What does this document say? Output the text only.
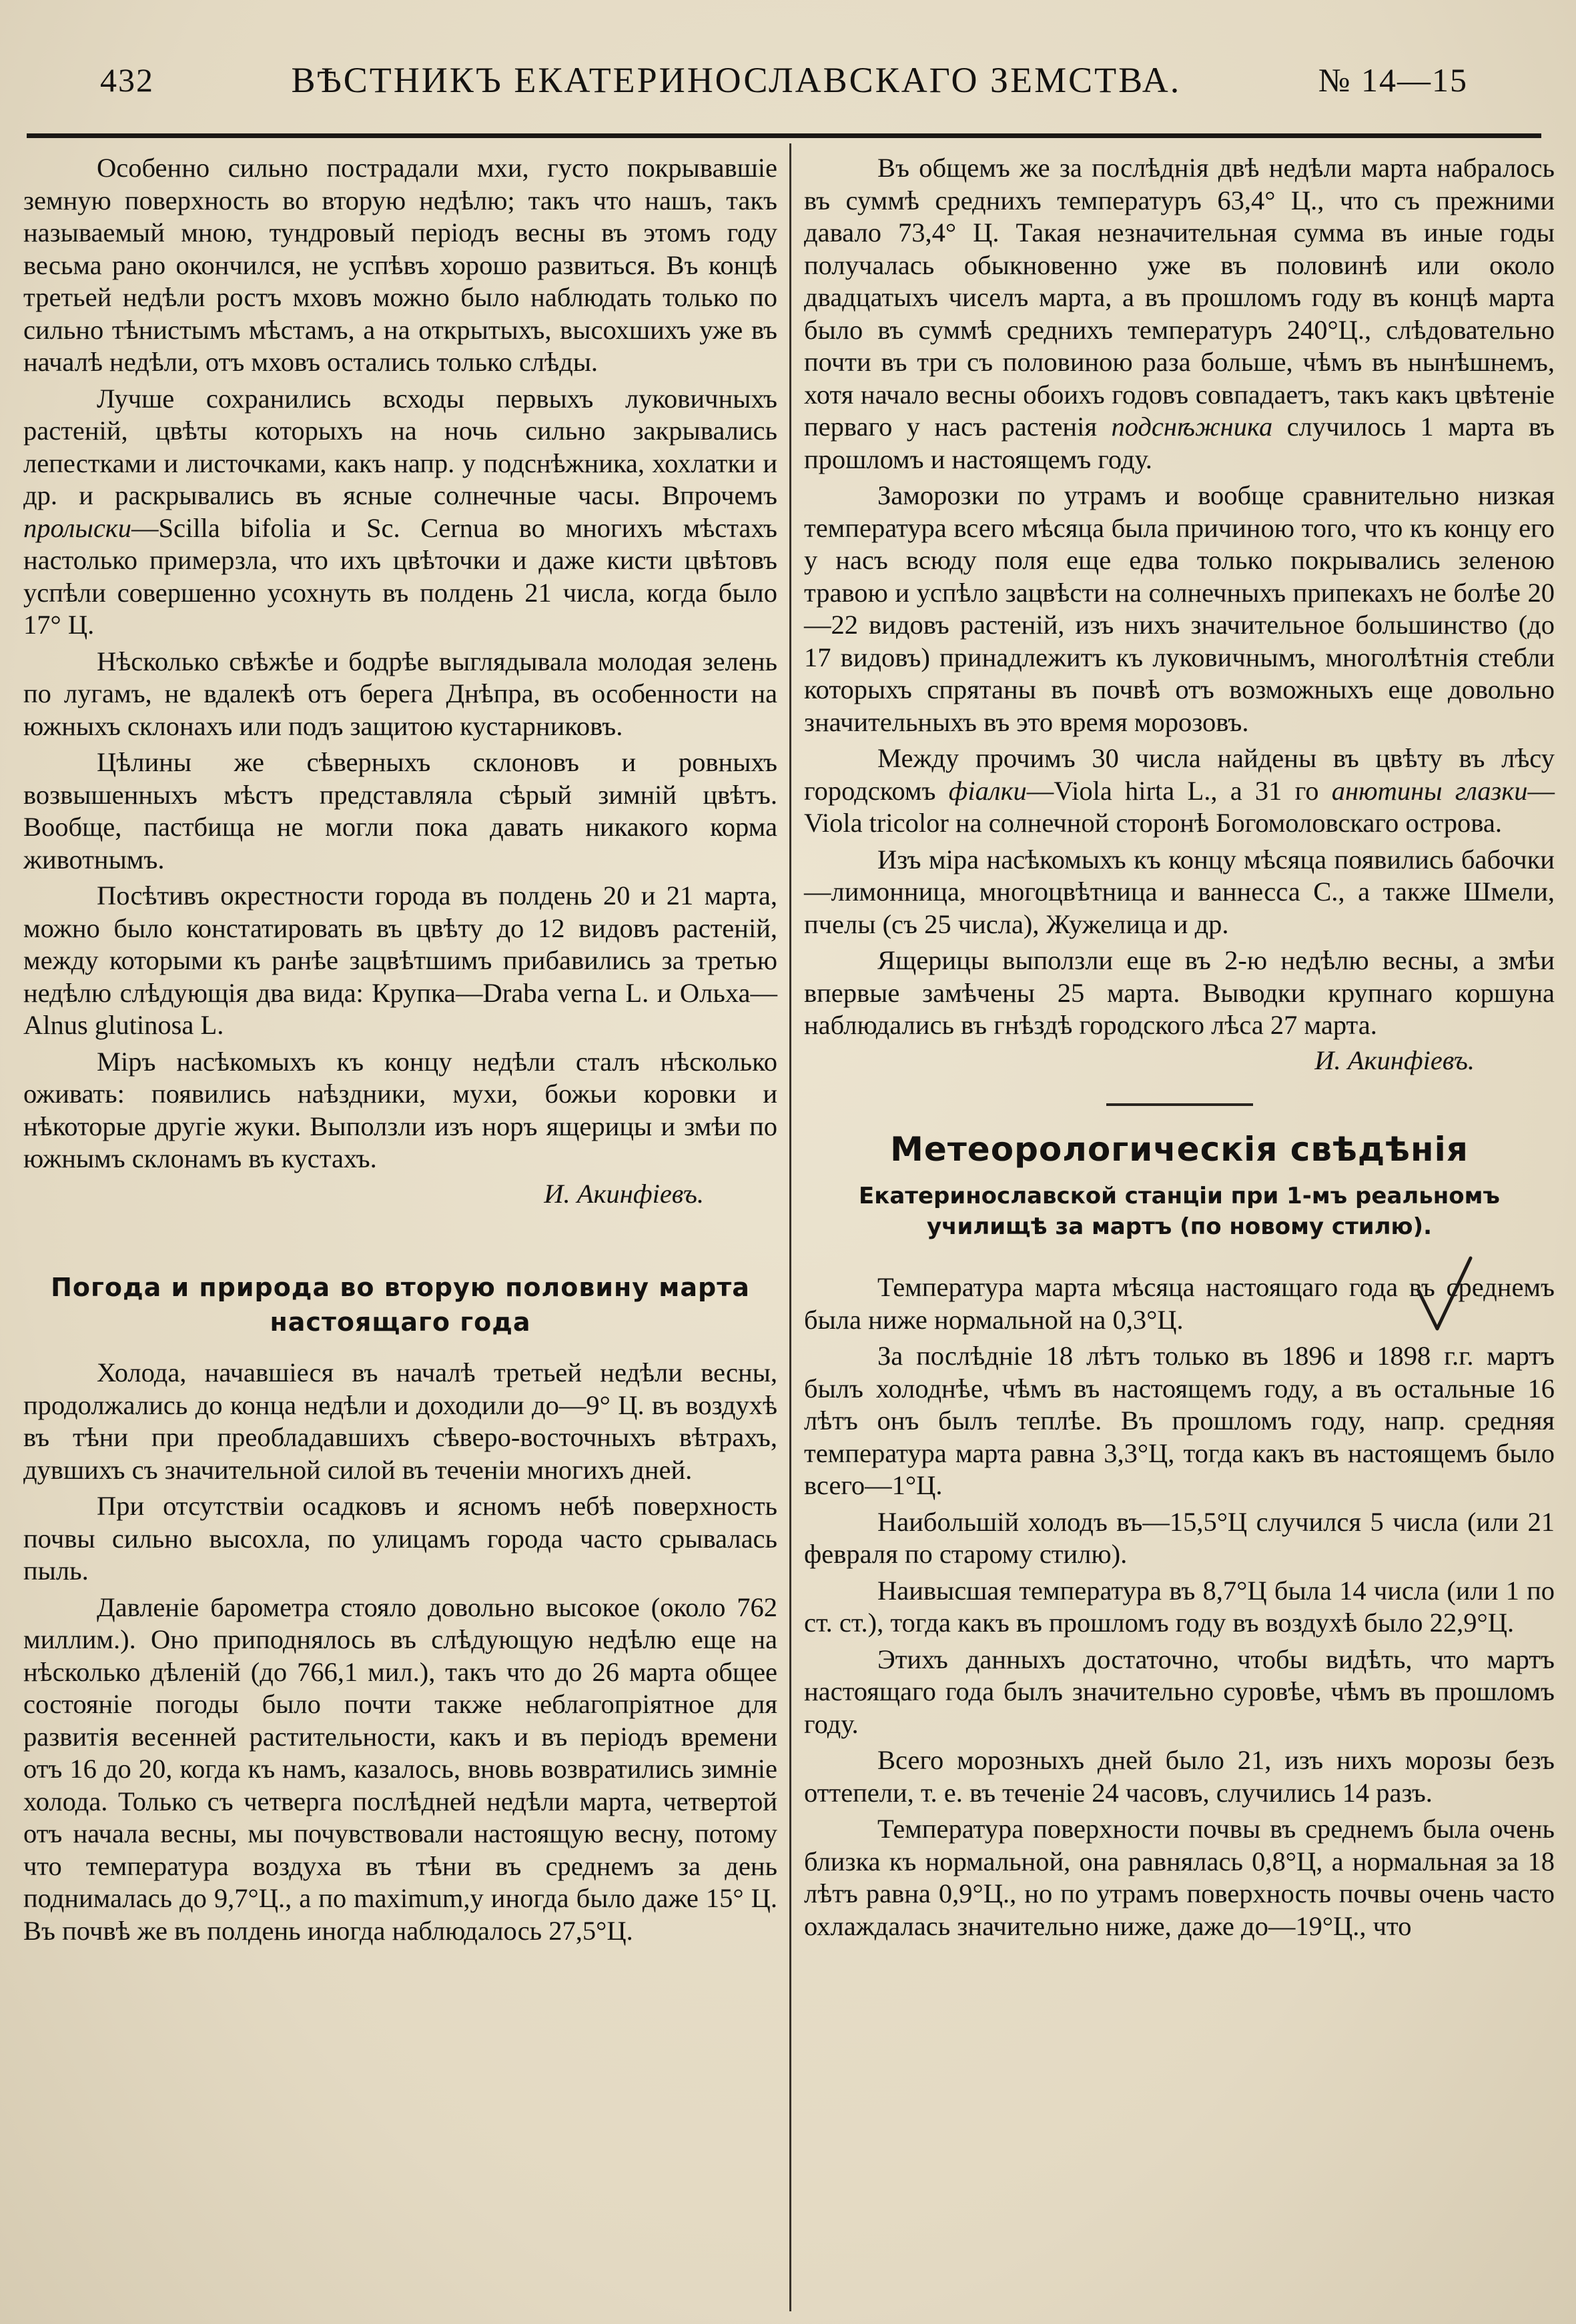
432	ВѢСТНИКЪ ЕКАТЕРИНОСЛАВСКАГО ЗЕМСТВА.	№ 14—15

Особенно сильно пострадали мхи, густо покрывавшіе земную поверхность во вторую недѣлю; такъ что нашъ, такъ называемый мною, тундровый періодъ весны въ этомъ году весьма рано окончился, не успѣвъ хорошо развиться. Въ концѣ третьей недѣли ростъ мховъ можно было наблюдать только по сильно тѣнистымъ мѣстамъ, а на открытыхъ, высохшихъ уже въ началѣ недѣли, отъ мховъ остались только слѣды.

Лучше сохранились всходы первыхъ луковичныхъ растеній, цвѣты которыхъ на ночь сильно закрывались лепестками и листочками, какъ напр. у подснѣжника, хохлатки и др. и раскрывались въ ясные солнечные часы. Впрочемъ пролыски—Scilla bifolia и Sc. Cernua во многихъ мѣстахъ настолько примерзла, что ихъ цвѣточки и даже кисти цвѣтовъ успѣли совершенно усохнуть въ полдень 21 числа, когда было 17° Ц.

Нѣсколько свѣжѣе и бодрѣе выглядывала молодая зелень по лугамъ, не вдалекѣ отъ берега Днѣпра, въ особенности на южныхъ склонахъ или подъ защитою кустарниковъ.

Цѣлины же сѣверныхъ склоновъ и ровныхъ возвышенныхъ мѣстъ представляла сѣрый зимній цвѣтъ. Вообще, пастбища не могли пока давать никакого корма животнымъ.

Посѣтивъ окрестности города въ полдень 20 и 21 марта, можно было констатировать въ цвѣту до 12 видовъ растеній, между которыми къ ранѣе зацвѣтшимъ прибавились за третью недѣлю слѣдующія два вида: Крупка—Draba verna L. и Ольха—Alnus glutinosa L.

Міръ насѣкомыхъ къ концу недѣли сталъ нѣсколько оживать: появились наѣздники, мухи, божьи коровки и нѣкоторые другіе жуки. Выползли изъ норъ ящерицы и змѣи по южнымъ склонамъ въ кустахъ.

И. Акинфіевъ.
Погода и природа во вторую половину марта настоящаго года

Холода, начавшіеся въ началѣ третьей недѣли весны, продолжались до конца недѣли и доходили до—9° Ц. въ воздухѣ въ тѣни при преобладавшихъ сѣверо-восточныхъ вѣтрахъ, дувшихъ съ значительной силой въ теченіи многихъ дней.

При отсутствіи осадковъ и ясномъ небѣ поверхность почвы сильно высохла, по улицамъ города часто срывалась пыль.

Давленіе барометра стояло довольно высокое (около 762 миллим.). Оно приподнялось въ слѣдующую недѣлю еще на нѣсколько дѣленій (до 766,1 мил.), такъ что до 26 марта общее состояніе погоды было почти также неблагопріятное для развитія весенней растительности, какъ и въ періодъ времени отъ 16 до 20, когда къ намъ, казалось, вновь возвратились зимніе холода. Только съ четверга послѣдней недѣли марта, четвертой отъ начала весны, мы почувствовали настоящую весну, потому что температура воздуха въ тѣни въ среднемъ за день поднималась до 9,7°Ц., а по maximum,у иногда было даже 15° Ц. Въ почвѣ же въ полдень иногда наблюдалось 27,5°Ц.

Въ общемъ же за послѣднія двѣ недѣли марта набралось въ суммѣ среднихъ температуръ 63,4° Ц., что съ прежними давало 73,4° Ц. Такая незначительная сумма въ иные годы получалась обыкновенно уже въ половинѣ или около двадцатыхъ чиселъ марта, а въ прошломъ году въ концѣ марта было въ суммѣ среднихъ температуръ 240°Ц., слѣдовательно почти въ три съ половиною раза больше, чѣмъ въ нынѣшнемъ, хотя начало весны обоихъ годовъ совпадаетъ, такъ какъ цвѣтеніе перваго у насъ растенія подснѣжника случилось 1 марта въ прошломъ и настоящемъ году.

Заморозки по утрамъ и вообще сравнительно низкая температура всего мѣсяца была причиною того, что къ концу его у насъ всюду поля еще едва только покрывались зеленою травою и успѣло зацвѣсти на солнечныхъ припекахъ не болѣе 20—22 видовъ растеній, изъ нихъ значительное большинство (до 17 видовъ) принадлежитъ къ луковичнымъ, многолѣтнія стебли которыхъ спрятаны въ почвѣ отъ возможныхъ еще довольно значительныхъ въ это время морозовъ.

Между прочимъ 30 числа найдены въ цвѣту въ лѣсу городскомъ фіалки—Viola hirta L., а 31 го анютины глазки—Viola tricolor на солнечной сторонѣ Богомоловскаго острова.

Изъ міра насѣкомыхъ къ концу мѣсяца появились бабочки—лимонница, многоцвѣтница и ваннесса С., а также Шмели, пчелы (съ 25 числа), Жужелица и др.

Ящерицы выползли еще въ 2-ю недѣлю весны, а змѣи впервые замѣчены 25 марта. Выводки крупнаго коршуна наблюдались въ гнѣздѣ городского лѣса 27 марта.

И. Акинфіевъ.
Метеорологическія свѣдѣнія
Екатеринославской станціи при 1-мъ реальномъ училищѣ за мартъ (по новому стилю).

Температура марта мѣсяца настоящаго года въ среднемъ была ниже нормальной на 0,3°Ц.

За послѣдніе 18 лѣтъ только въ 1896 и 1898 г.г. мартъ былъ холоднѣе, чѣмъ въ настоящемъ году, а въ остальные 16 лѣтъ онъ былъ теплѣе. Въ прошломъ году, напр. средняя температура марта равна 3,3°Ц, тогда какъ въ настоящемъ было всего—1°Ц.

Наибольшій холодъ въ—15,5°Ц случился 5 числа (или 21 февраля по старому стилю).

Наивысшая температура въ 8,7°Ц была 14 числа (или 1 по ст. ст.), тогда какъ въ прошломъ году въ воздухѣ было 22,9°Ц.

Этихъ данныхъ достаточно, чтобы видѣть, что мартъ настоящаго года былъ значительно суровѣе, чѣмъ въ прошломъ году.

Всего морозныхъ дней было 21, изъ нихъ морозы безъ оттепели, т. е. въ теченіе 24 часовъ, случились 14 разъ.

Температура поверхности почвы въ среднемъ была очень близка къ нормальной, она равнялась 0,8°Ц, а нормальная за 18 лѣтъ равна 0,9°Ц., но по утрамъ поверхность почвы очень часто охлаждалась значительно ниже, даже до—19°Ц., что
